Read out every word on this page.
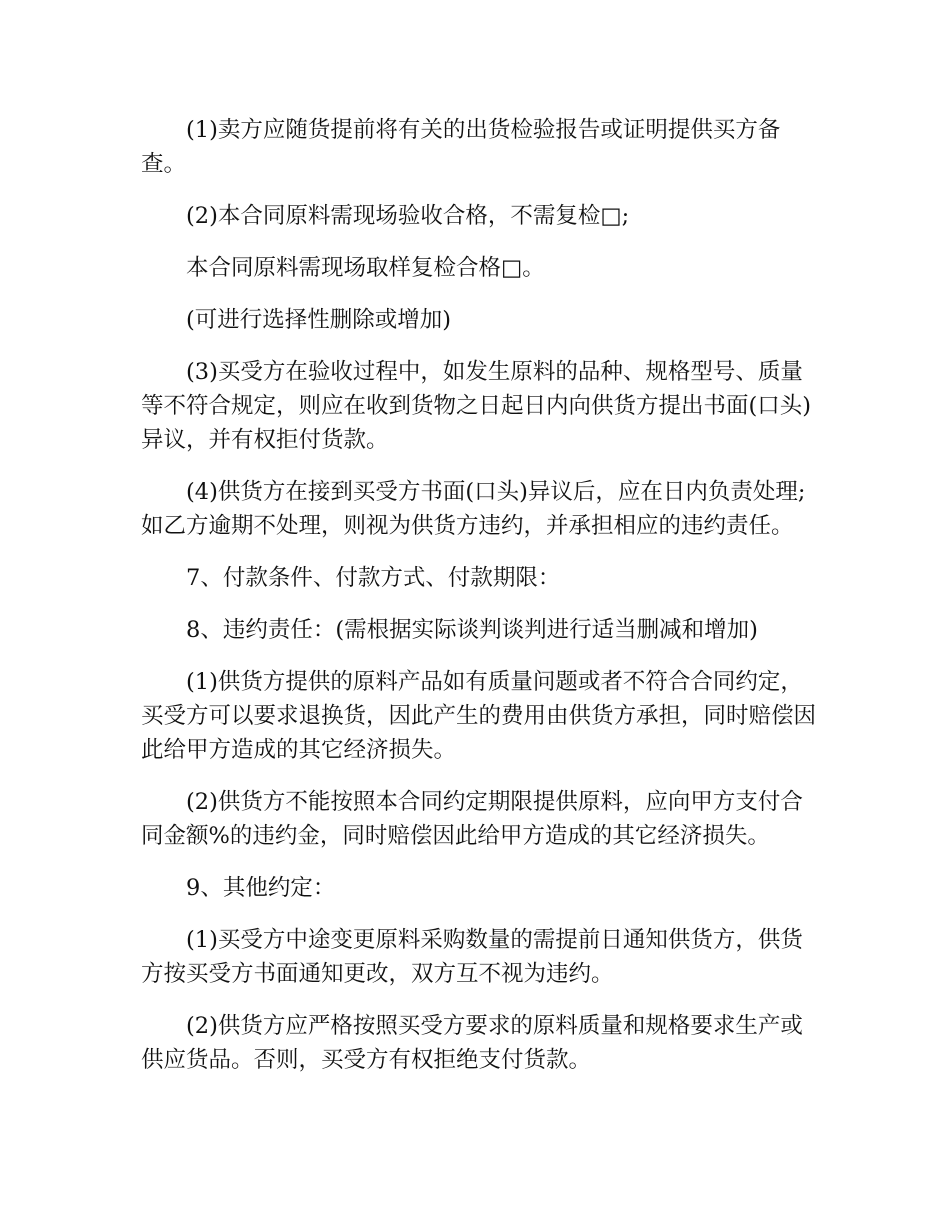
(1)卖方应随货提前将有关的出货检验报告或证明提供买方备查。

(2)本合同原料需现场验收合格，不需复检□;

本合同原料需现场取样复检合格□。

(可进行选择性删除或增加)

(3)买受方在验收过程中，如发生原料的品种、规格型号、质量等不符合规定，则应在收到货物之日起日内向供货方提出书面(口头)异议，并有权拒付货款。

(4)供货方在接到买受方书面(口头)异议后，应在日内负责处理;如乙方逾期不处理，则视为供货方违约，并承担相应的违约责任。

7、付款条件、付款方式、付款期限：

8、违约责任：(需根据实际谈判谈判进行适当删减和增加)

(1)供货方提供的原料产品如有质量问题或者不符合合同约定，买受方可以要求退换货，因此产生的费用由供货方承担，同时赔偿因此给甲方造成的其它经济损失。

(2)供货方不能按照本合同约定期限提供原料，应向甲方支付合同金额%的违约金，同时赔偿因此给甲方造成的其它经济损失。

9、其他约定：

(1)买受方中途变更原料采购数量的需提前日通知供货方，供货方按买受方书面通知更改，双方互不视为违约。

(2)供货方应严格按照买受方要求的原料质量和规格要求生产或供应货品。否则，买受方有权拒绝支付货款。
